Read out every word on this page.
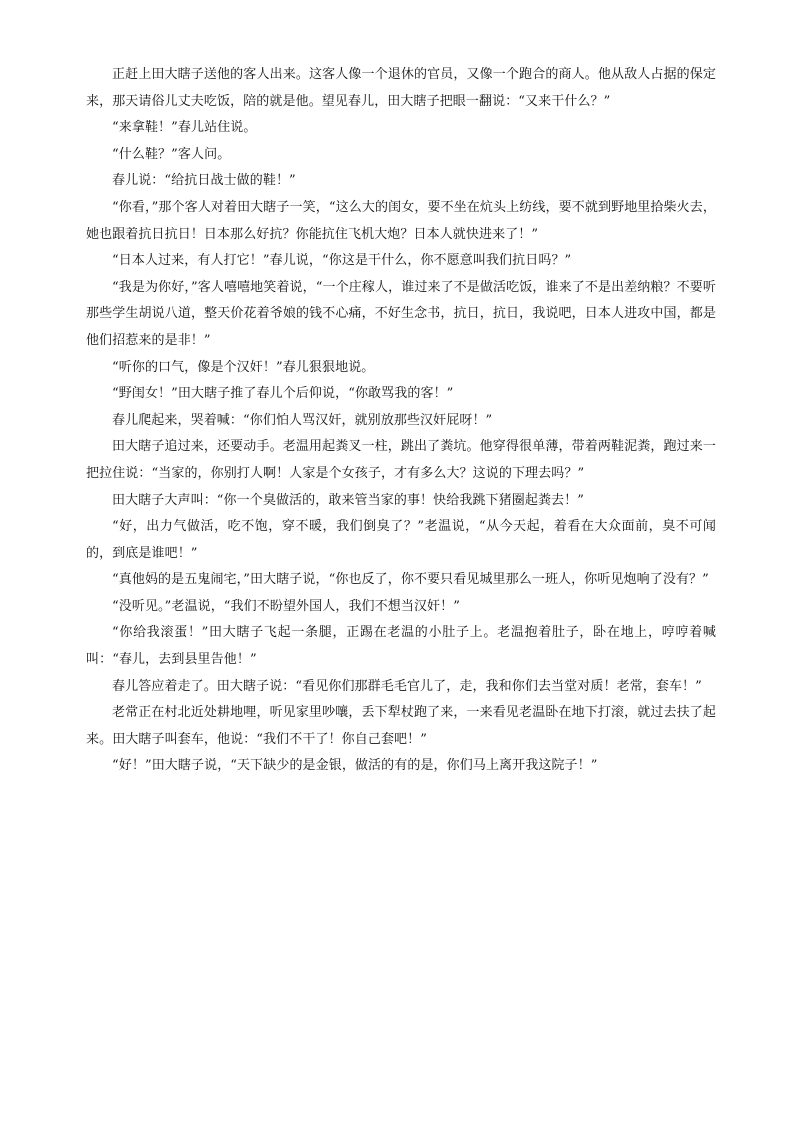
正赶上田大瞎子送他的客人出来。这客人像一个退休的官员，又像一个跑合的商人。他从敌人占据的保定来，那天请俗儿丈夫吃饭，陪的就是他。望见春儿，田大瞎子把眼一翻说：“又来干什么？”

“来拿鞋！”春儿站住说。

“什么鞋？”客人问。

春儿说：“给抗日战士做的鞋！”

“你看，”那个客人对着田大瞎子一笑，“这么大的闺女，要不坐在炕头上纺线，要不就到野地里拾柴火去，她也跟着抗日抗日！日本那么好抗？你能抗住飞机大炮？日本人就快进来了！”

“日本人过来，有人打它！”春儿说，“你这是干什么，你不愿意叫我们抗日吗？”

“我是为你好，”客人嘻嘻地笑着说，“一个庄稼人，谁过来了不是做活吃饭，谁来了不是出差纳粮？不要听那些学生胡说八道，整天价花着爷娘的钱不心痛，不好生念书，抗日，抗日，我说吧，日本人进攻中国，都是他们招惹来的是非！”

“听你的口气，像是个汉奸！”春儿狠狠地说。

“野闺女！”田大瞎子推了春儿个后仰说，“你敢骂我的客！”

春儿爬起来，哭着喊：“你们怕人骂汉奸，就别放那些汉奸屁呀！”

田大瞎子追过来，还要动手。老温用起粪叉一柱，跳出了粪坑。他穿得很单薄，带着两鞋泥粪，跑过来一把拉住说：“当家的，你别打人啊！人家是个女孩子，才有多么大？这说的下理去吗？”

田大瞎子大声叫：“你一个臭做活的，敢来管当家的事！快给我跳下猪圈起粪去！”

“好，出力气做活，吃不饱，穿不暖，我们倒臭了？”老温说，“从今天起，着看在大众面前，臭不可闻的，到底是谁吧！”

“真他妈的是五鬼闹宅，”田大瞎子说，“你也反了，你不要只看见城里那么一班人，你听见炮响了没有？”

“没听见。”老温说，“我们不盼望外国人，我们不想当汉奸！”

“你给我滚蛋！”田大瞎子飞起一条腿，正踢在老温的小肚子上。老温抱着肚子，卧在地上，哼哼着喊叫：“春儿，去到县里告他！”

春儿答应着走了。田大瞎子说：“看见你们那群毛毛官儿了，走，我和你们去当堂对质！老常，套车！”

老常正在村北近处耕地哩，听见家里吵嚷，丢下犁杖跑了来，一来看见老温卧在地下打滚，就过去扶了起来。田大瞎子叫套车，他说：“我们不干了！你自己套吧！”

“好！”田大瞎子说，“天下缺少的是金银，做活的有的是，你们马上离开我这院子！”
